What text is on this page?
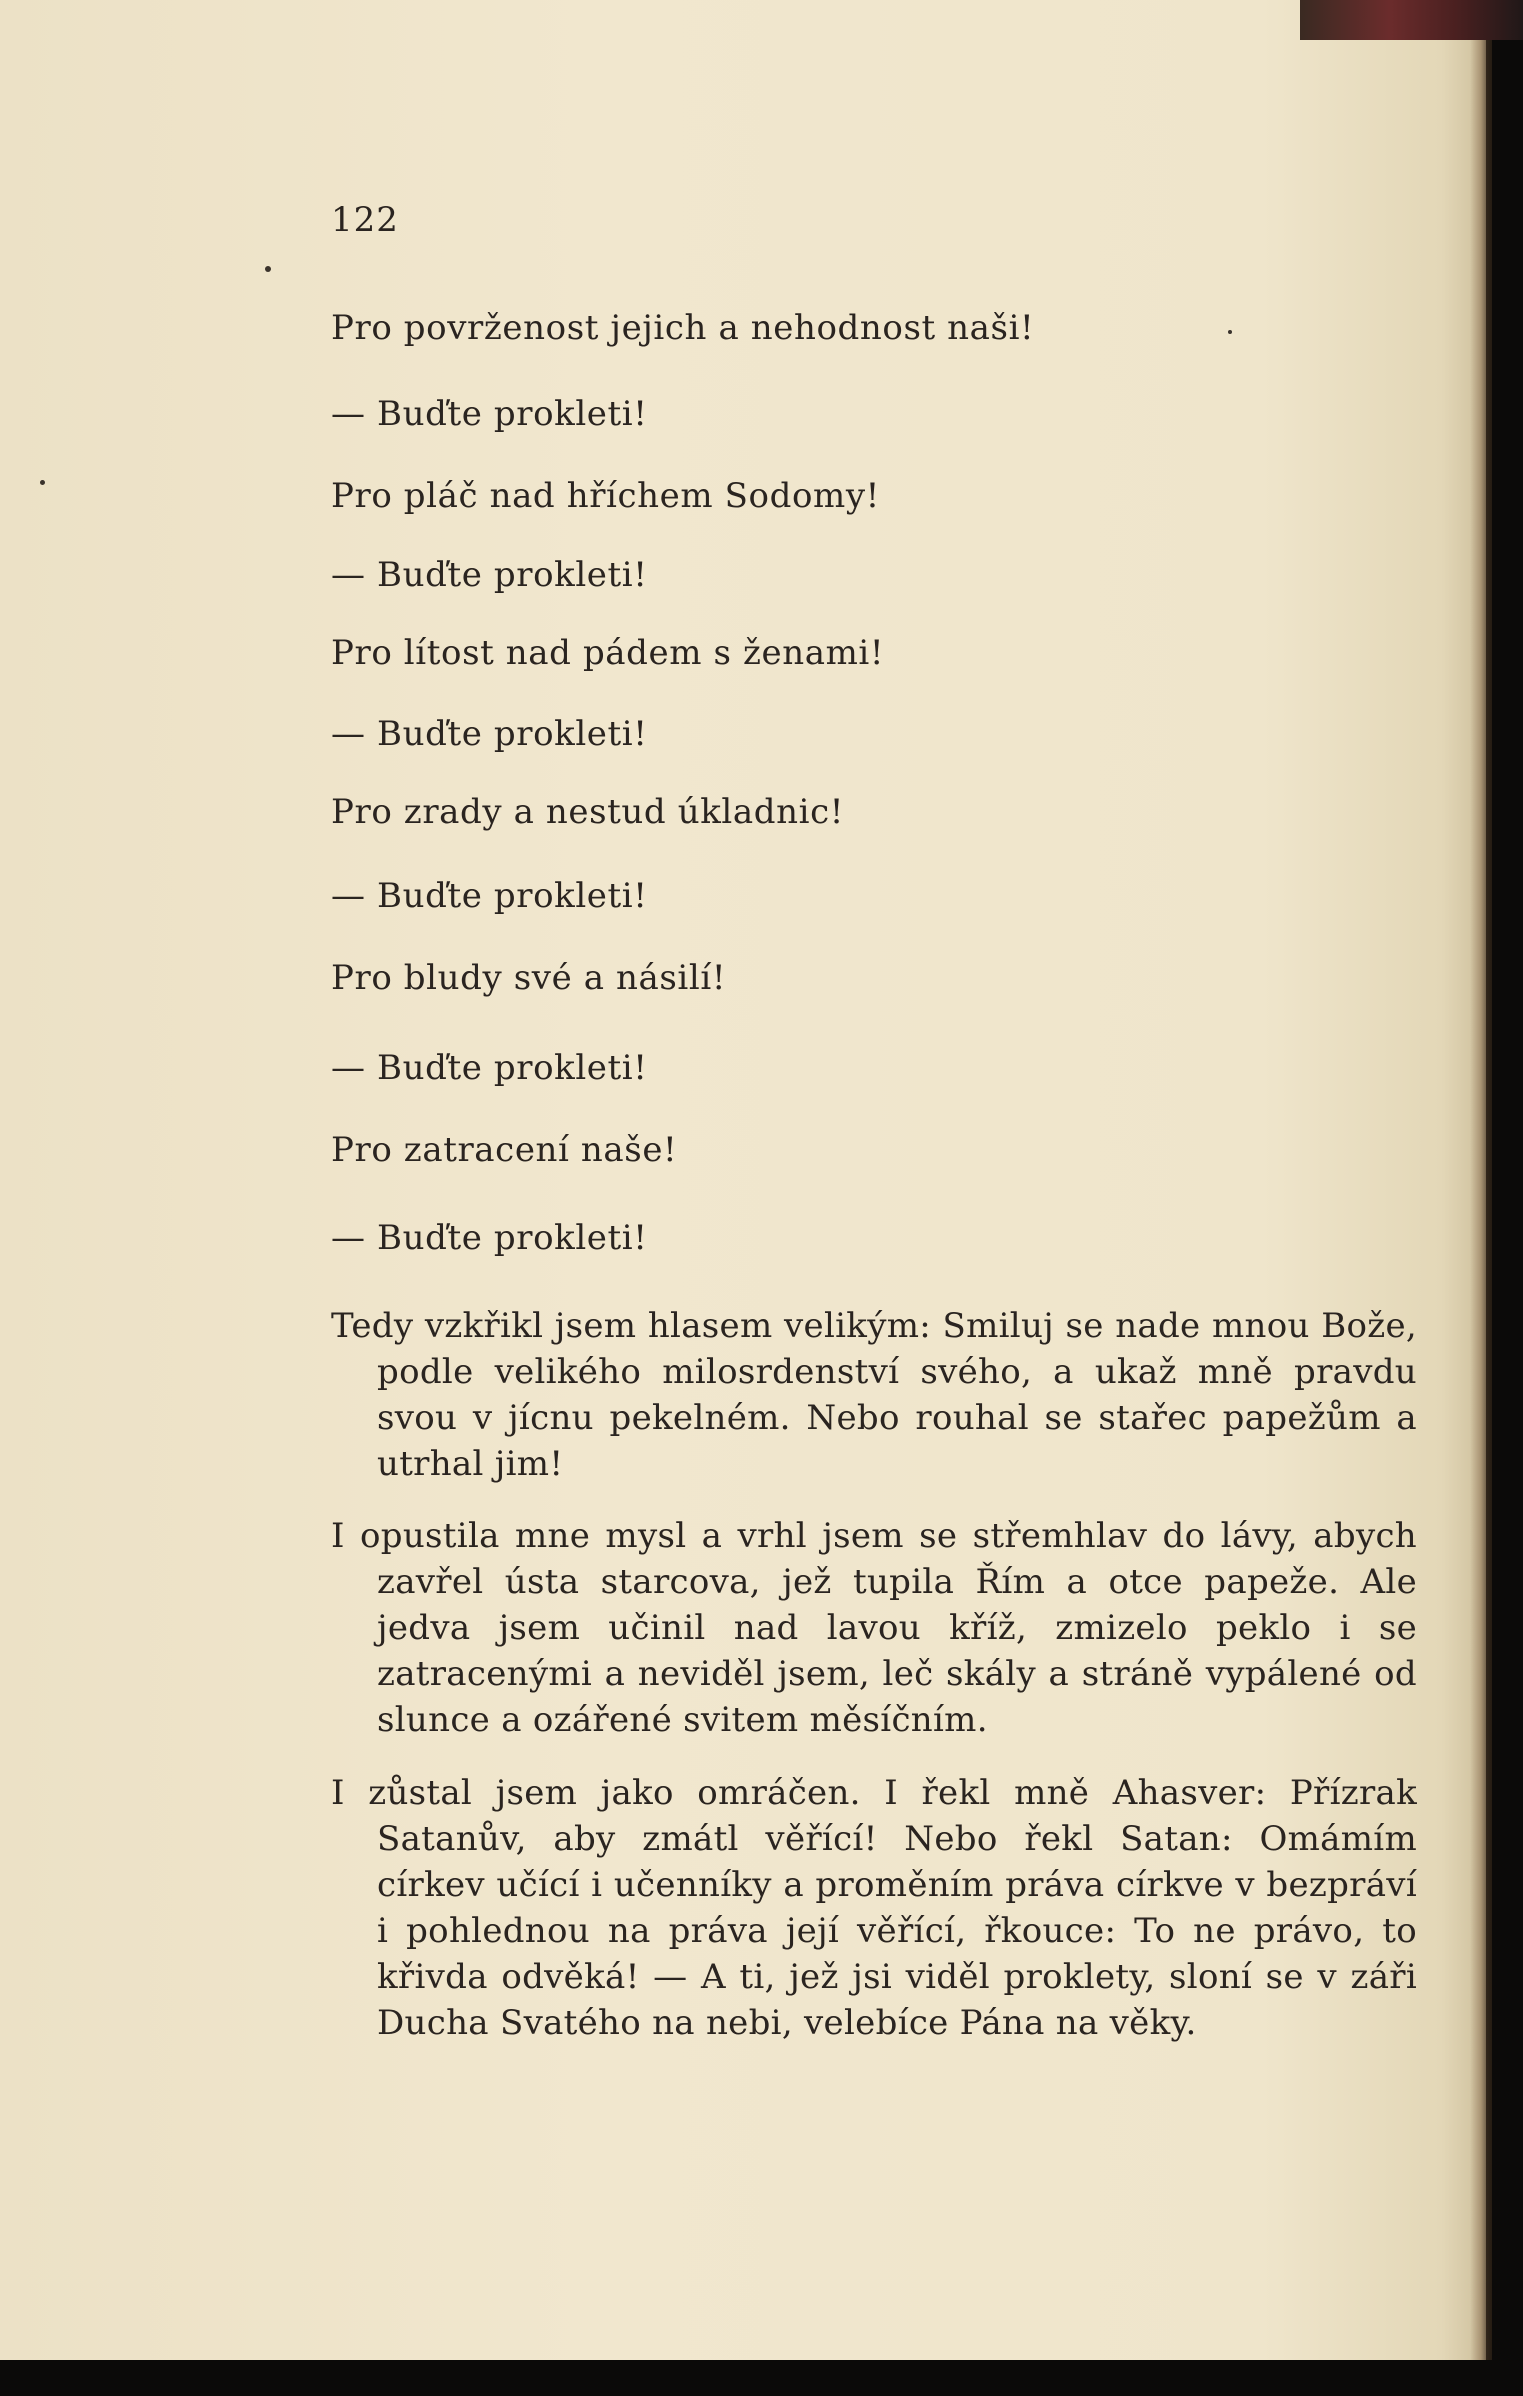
122
Pro povrženost jejich a nehodnost naši!
— Buďte prokleti!
Pro pláč nad hříchem Sodomy!
— Buďte prokleti!
Pro lítost nad pádem s ženami!
— Buďte prokleti!
Pro zrady a nestud úkladnic!
— Buďte prokleti!
Pro bludy své a násilí!
— Buďte prokleti!
Pro zatracení naše!
— Buďte prokleti!
Tedy vzkřikl jsem hlasem velikým: Smiluj se nade mnou Bože, podle velikého milosrdenství svého, a ukaž mně pravdu svou v jícnu pekelném. Nebo rouhal se stařec papežům a utrhal jim!
I opustila mne mysl a vrhl jsem se střemhlav do lávy, abych zavřel ústa starcova, jež tupila Řím a otce papeže. Ale jedva jsem učinil nad lavou kříž, zmizelo peklo i se zatracenými a neviděl jsem, leč skály a stráně vypálené od slunce a ozářené svitem měsíčním.
I zůstal jsem jako omráčen. I řekl mně Ahasver: Přízrak Satanův, aby zmátl věřící! Nebo řekl Satan: Omámím církev učící i učenníky a proměním práva církve v bezpráví i pohlednou na práva její věřící, řkouce: To ne právo, to křivda odvěká! — A ti, jež jsi viděl proklety, sloní se v záři Ducha Svatého na nebi, velebíce Pána na věky.
